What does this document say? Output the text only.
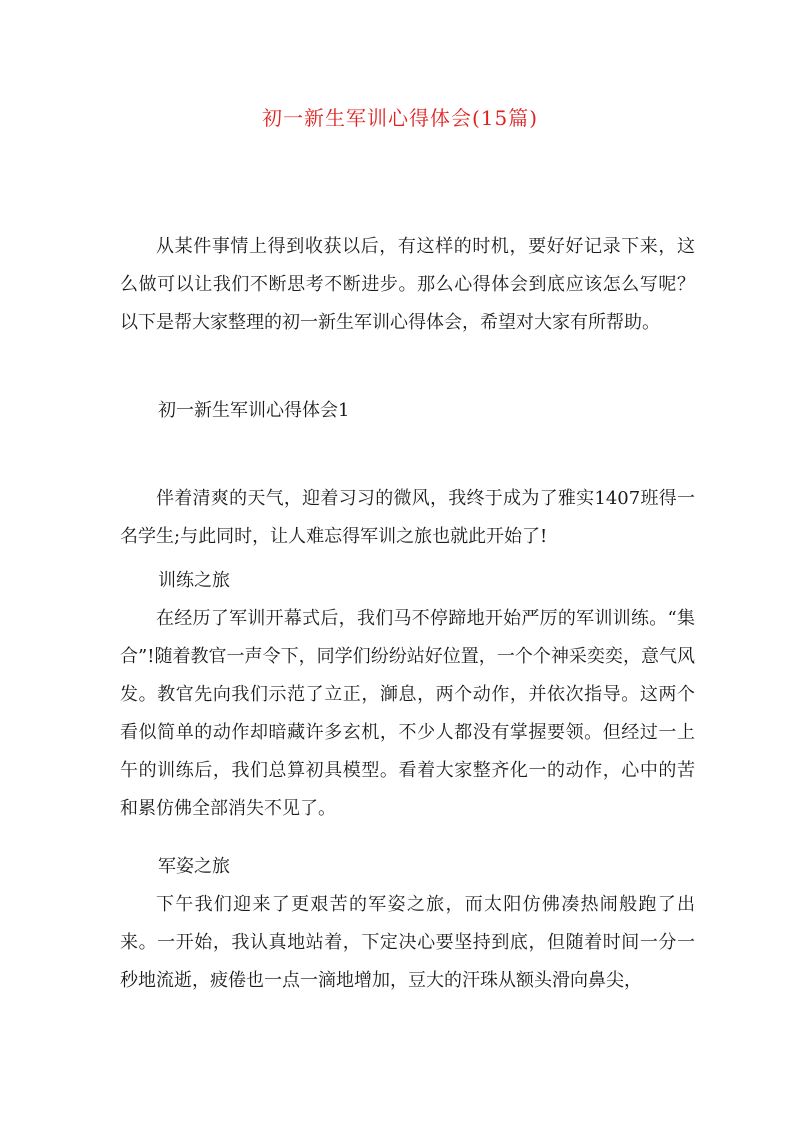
初一新生军训心得体会(15篇)
从某件事情上得到收获以后，有这样的时机，要好好记录下来，这么做可以让我们不断思考不断进步。那么心得体会到底应该怎么写呢？以下是帮大家整理的初一新生军训心得体会，希望对大家有所帮助。
初一新生军训心得体会1
伴着清爽的天气，迎着习习的微风，我终于成为了雅实1407班得一名学生;与此同时，让人难忘得军训之旅也就此开始了!
训练之旅
在经历了军训开幕式后，我们马不停蹄地开始严厉的军训训练。“集合”!随着教官一声令下，同学们纷纷站好位置，一个个神采奕奕，意气风发。教官先向我们示范了立正，溮息，两个动作，并依次指导。这两个看似简单的动作却暗藏许多玄机，不少人都没有掌握要领。但经过一上午的训练后，我们总算初具模型。看着大家整齐化一的动作，心中的苦和累仿佛全部消失不见了。
军姿之旅
下午我们迎来了更艰苦的军姿之旅，而太阳仿佛凑热闹般跑了出来。一开始，我认真地站着，下定决心要坚持到底，但随着时间一分一秒地流逝，疲倦也一点一滴地增加，豆大的汗珠从额头滑向鼻尖，
